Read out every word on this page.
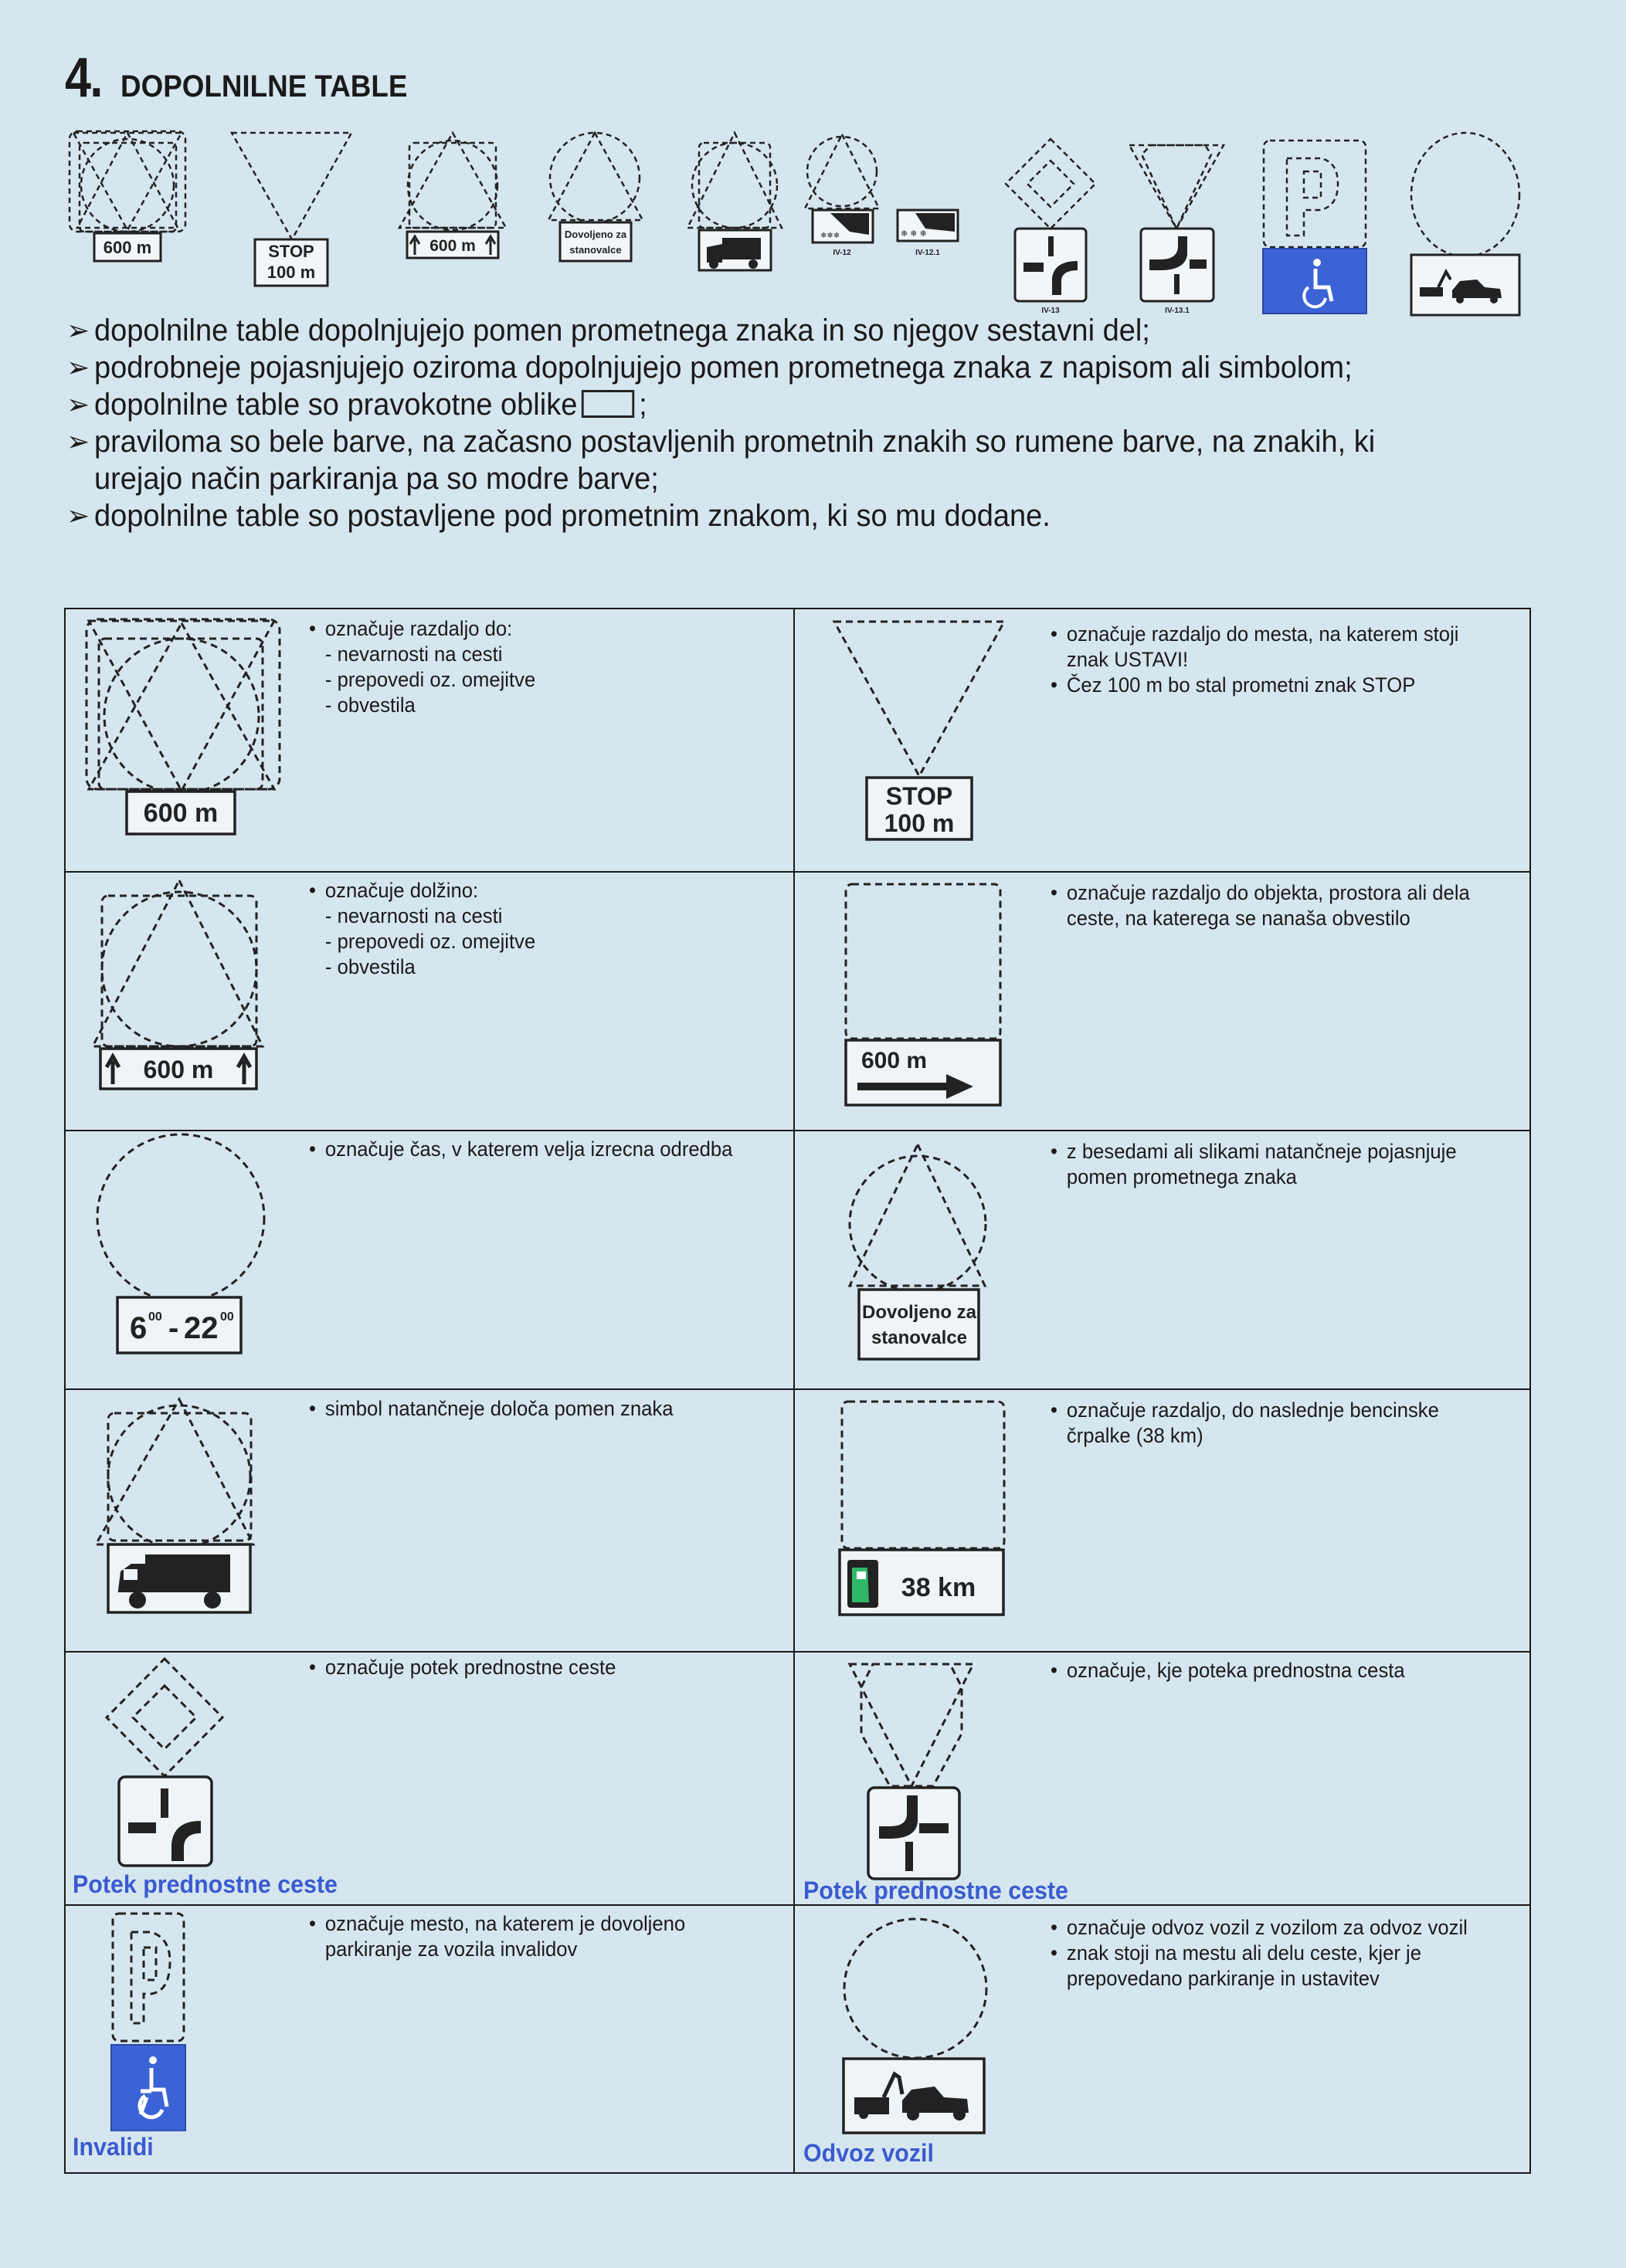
4. DOPOLNILNE TABLE
600 m	STOP
100 m
600 m
Dovoljeno za
stanovalce
❄❄❄
IV-12
❄ ❄ ❄
IV-12.1
IV-13	IV-13.1
➢ dopolnilne table dopolnjujejo pomen prometnega znaka in so njegov sestavni del;
➢ podrobneje pojasnjujejo oziroma dopolnjujejo pomen prometnega znaka z napisom ali simbolom;
➢ dopolnilne table so pravokotne oblike ;
➢ praviloma so bele barve, na začasno postavljenih prometnih znakih so rumene barve, na znakih, ki
urejajo način parkiranja pa so modre barve;
➢ dopolnilne table so postavljene pod prometnim znakom, ki so mu dodane.
600 m
• označuje razdaljo do:
- nevarnosti na cesti
- prepovedi oz. omejitve
- obvestila
STOP
100 m
• označuje razdaljo do mesta, na katerem stoji znak USTAVI!
• Čez 100 m bo stal prometni znak STOP
600 m
• označuje dolžino:
- nevarnosti na cesti
- prepovedi oz. omejitve
- obvestila
600 m
• označuje razdaljo do objekta, prostora ali dela ceste, na katerega se nanaša obvestilo
6 00 - 22 00
• označuje čas, v katerem velja izrecna odredba
Dovoljeno za
stanovalce
• z besedami ali slikami natančneje pojasnjuje pomen prometnega znaka
• simbol natančneje določa pomen znaka
38 km
• označuje razdaljo, do naslednje bencinske črpalke (38 km)
Potek prednostne ceste
• označuje potek prednostne ceste
Potek prednostne ceste
• označuje, kje poteka prednostna cesta
Invalidi
• označuje mesto, na katerem je dovoljeno parkiranje za vozila invalidov
Odvoz vozil
• označuje odvoz vozil z vozilom za odvoz vozil
• znak stoji na mestu ali delu ceste, kjer je prepovedano parkiranje in ustavitev
